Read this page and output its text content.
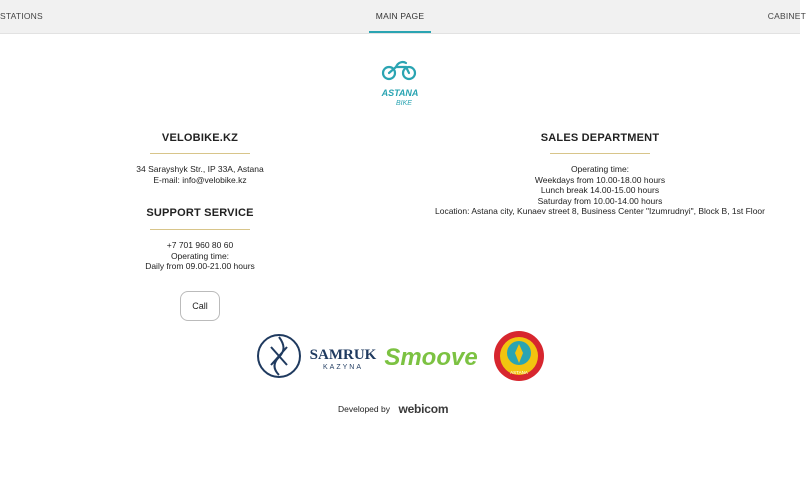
STATIONS	MAIN PAGE	CABINET
ASTANA
BIKE
VELOBIKE.KZ
34 Sarayshyk Str., IP 33A, Astana
E-mail: info@velobike.kz
SUPPORT SERVICE
+7 701 960 80 60
Operating time:
Daily from 09.00-21.00 hours
Call
SALES DEPARTMENT
Operating time:
Weekdays from 10.00-18.00 hours
Lunch break 14.00-15.00 hours
Saturday from 10.00-14.00 hours
Location: Astana city, Kunaev street 8, Business Center "Izumrudnyi", Block B, 1st Floor
SAMRUK
KAZYNA Smoove
ASTANA
Developed by webicom
